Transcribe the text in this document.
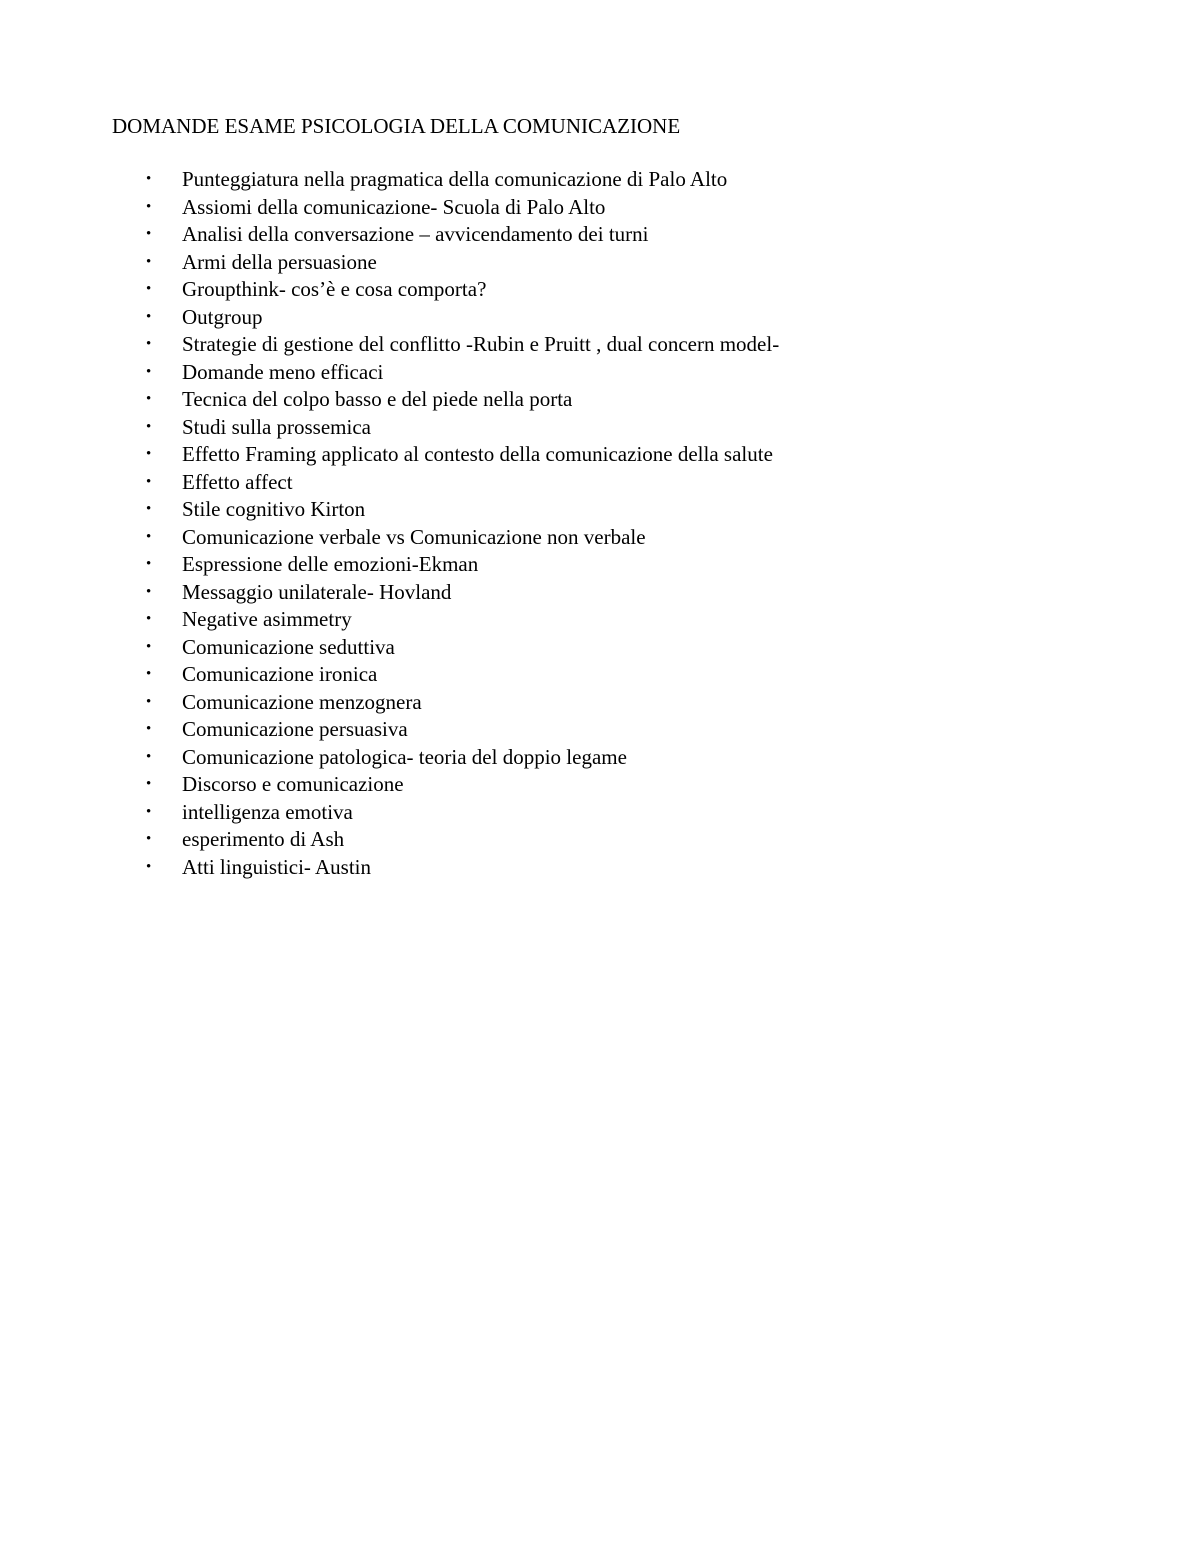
DOMANDE ESAME PSICOLOGIA DELLA COMUNICAZIONE
• Punteggiatura nella pragmatica della comunicazione di Palo Alto
• Assiomi della comunicazione- Scuola di Palo Alto
• Analisi della conversazione – avvicendamento dei turni
• Armi della persuasione
• Groupthink- cos’è e cosa comporta?
• Outgroup
• Strategie di gestione del conflitto -Rubin e Pruitt , dual concern model-
• Domande meno efficaci
• Tecnica del colpo basso e del piede nella porta
• Studi sulla prossemica
• Effetto Framing applicato al contesto della comunicazione della salute
• Effetto affect
• Stile cognitivo Kirton
• Comunicazione verbale vs Comunicazione non verbale
• Espressione delle emozioni-Ekman
• Messaggio unilaterale- Hovland
• Negative asimmetry
• Comunicazione seduttiva
• Comunicazione ironica
• Comunicazione menzognera
• Comunicazione persuasiva
• Comunicazione patologica- teoria del doppio legame
• Discorso e comunicazione
• intelligenza emotiva
• esperimento di Ash
• Atti linguistici- Austin
